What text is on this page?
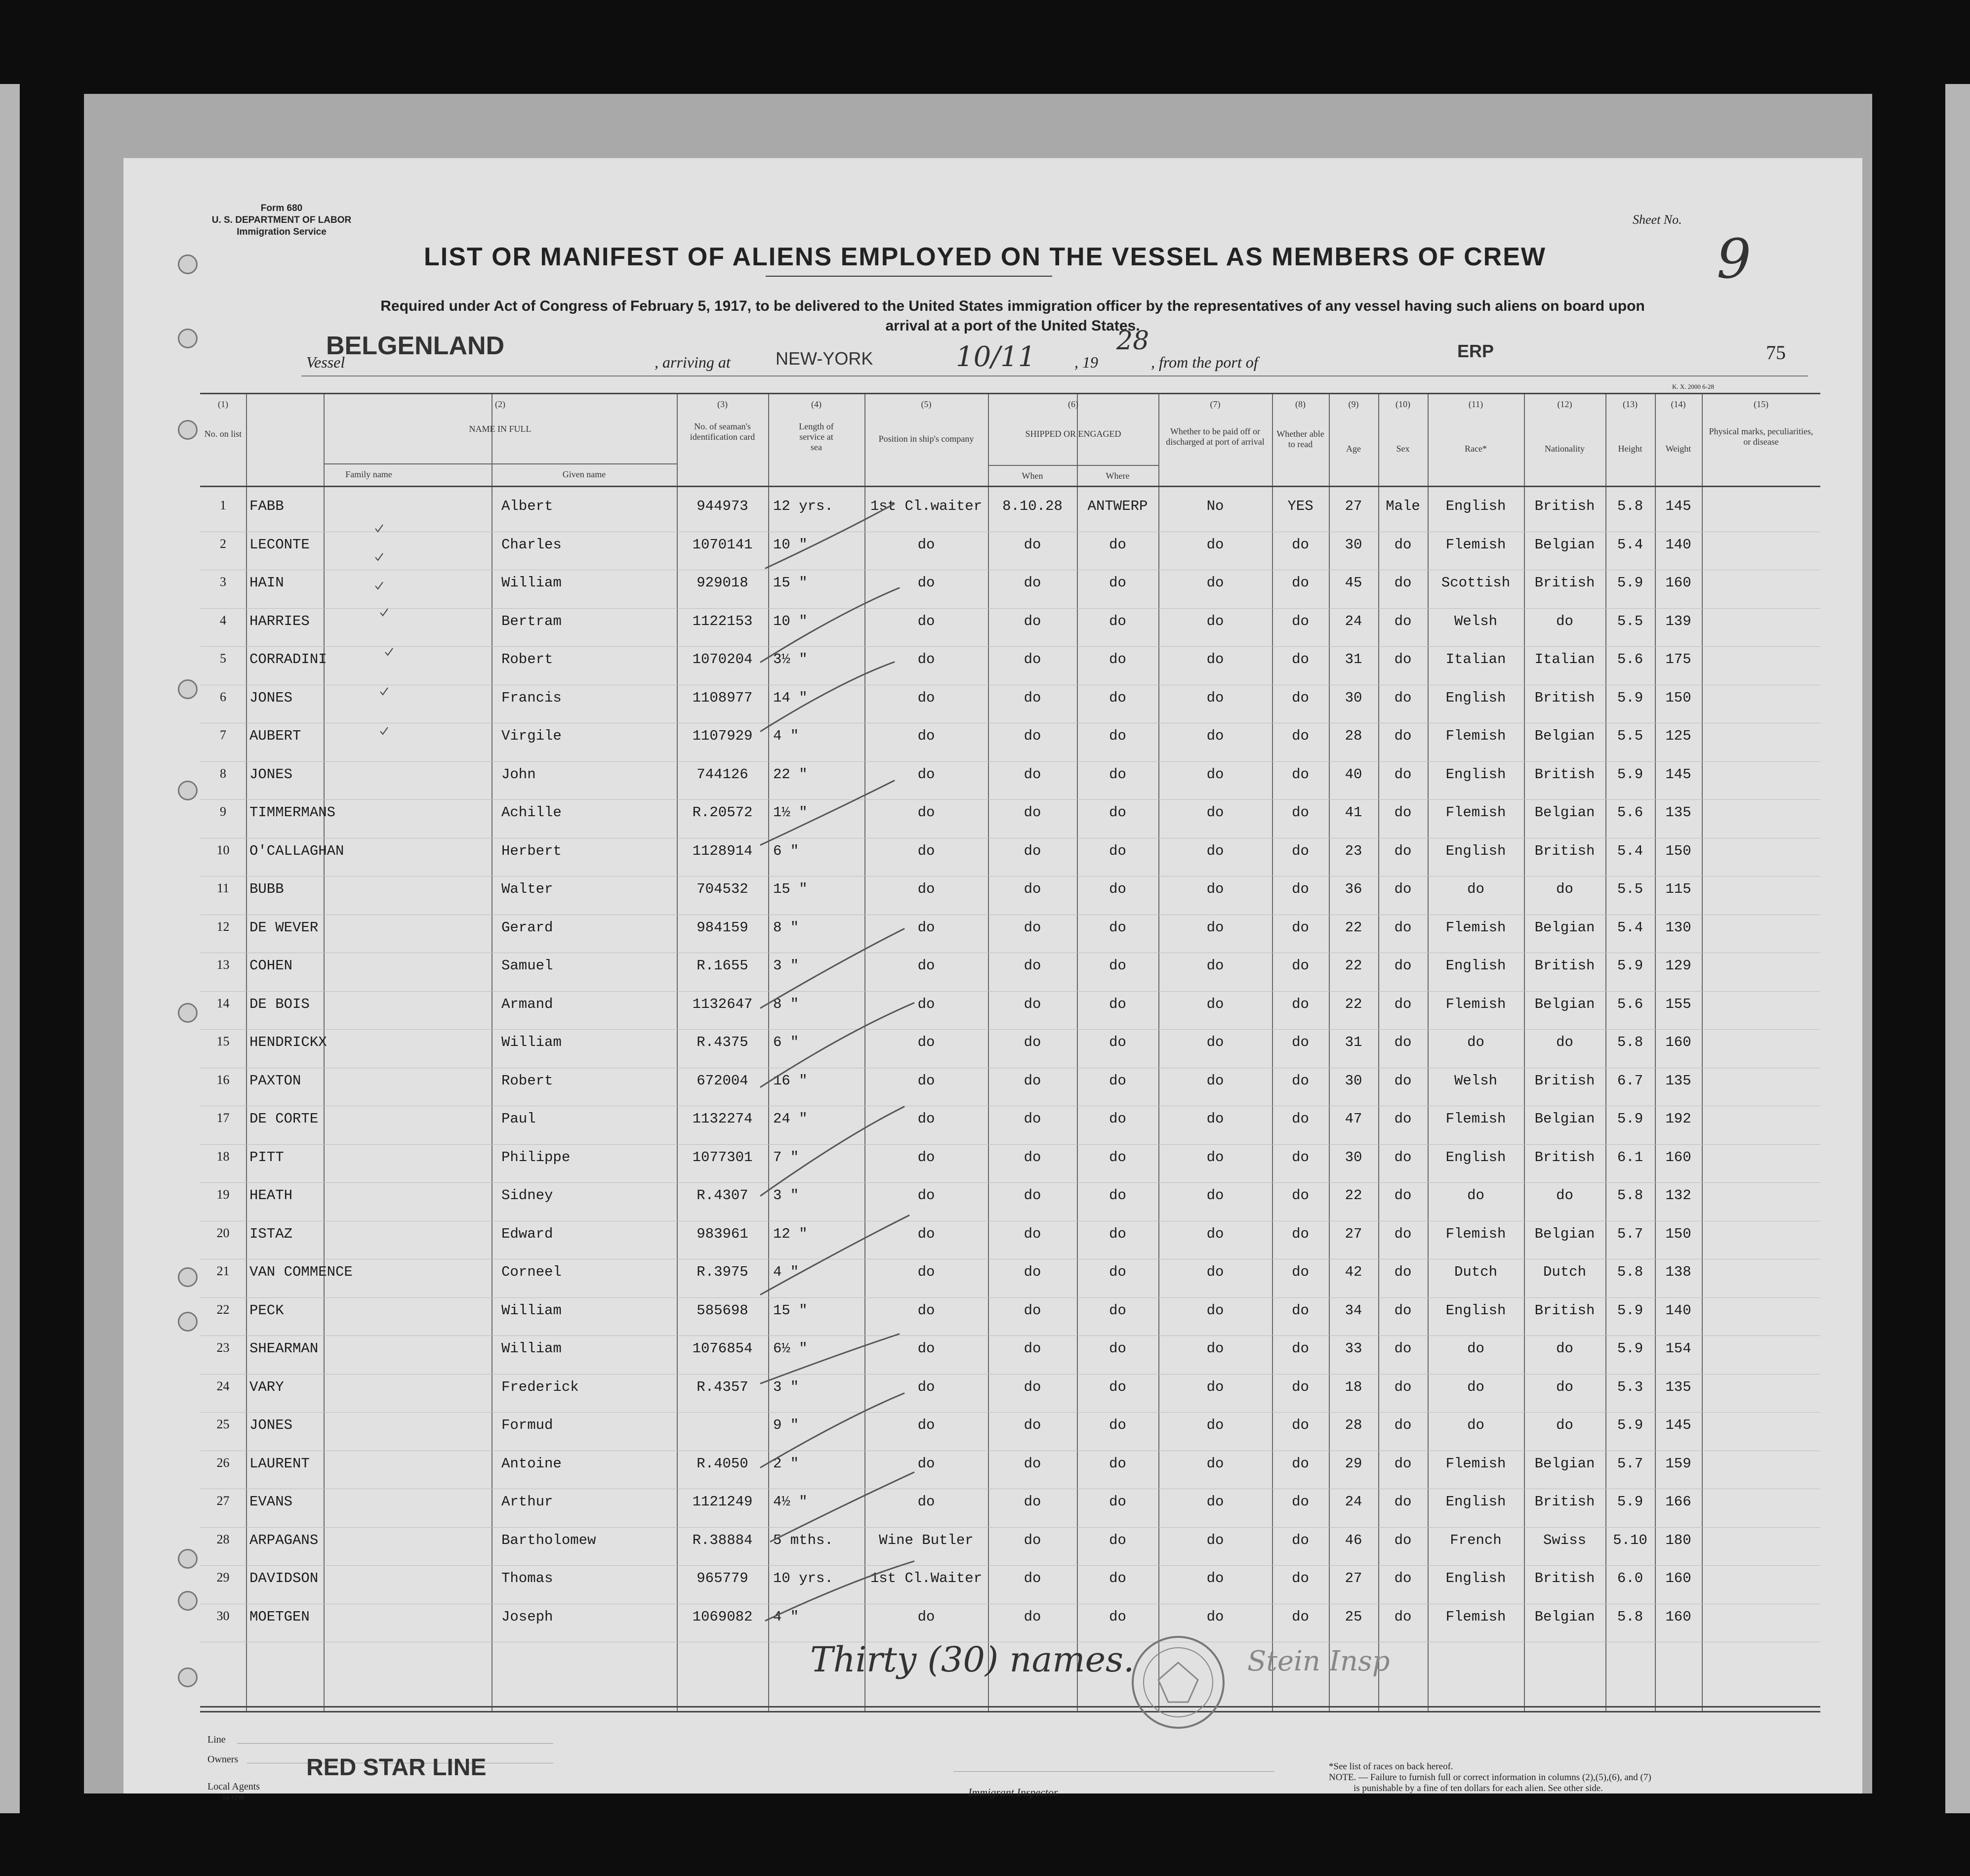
Form 680
U. S. DEPARTMENT OF LABOR
Immigration Service
Sheet No.
9
75
K. X. 2000 6-28
LIST OR MANIFEST OF ALIENS EMPLOYED ON THE VESSEL AS MEMBERS OF CREW
Required under Act of Congress of February 5, 1917, to be delivered to the United States immigration officer by the representatives of any vessel having such aliens on board upon
arrival at a port of the United States.
BELGENLAND
Vessel	, arriving at	NEW-YORK	10/11 , 19
28
, from the port of
ERP
(1)
No. on list
(2)
NAME IN FULL
Family name	Given name
(3)
No. of seaman's identification card
(4)
Length of service at sea
(5)
Position in ship's company
(6)
SHIPPED OR ENGAGED
When	Where
(7)
Whether to be paid off or discharged at port of arrival
(8)
Whether able to read
(9)
Age
(10)
Sex
(11)
Race*
(12)
Nationality
(13)
Height
(14)
Weight
(15)
Physical marks, peculiarities, or disease
1	FABB	Albert	944973	12 yrs.	1st Cl.waiter	8.10.28	ANTWERP	No	YES	27	Male	English	British	5.8	145
2	LECONTE	Charles	1070141	10 "	do	do	do	do	do	30	do	Flemish	Belgian	5.4	140
3	HAIN	William	929018	15 "	do	do	do	do	do	45	do	Scottish	British	5.9	160
4	HARRIES	Bertram	1122153	10 "	do	do	do	do	do	24	do	Welsh	do	5.5	139
5	CORRADINI	Robert	1070204	3½ "	do	do	do	do	do	31	do	Italian	Italian	5.6	175
6	JONES	Francis	1108977	14 "	do	do	do	do	do	30	do	English	British	5.9	150
7	AUBERT	Virgile	1107929	4 "	do	do	do	do	do	28	do	Flemish	Belgian	5.5	125
8	JONES	John	744126	22 "	do	do	do	do	do	40	do	English	British	5.9	145
9	TIMMERMANS	Achille	R.20572	1½ "	do	do	do	do	do	41	do	Flemish	Belgian	5.6	135
10	O'CALLAGHAN	Herbert	1128914	6 "	do	do	do	do	do	23	do	English	British	5.4	150
11	BUBB	Walter	704532	15 "	do	do	do	do	do	36	do	do	do	5.5	115
12	DE WEVER	Gerard	984159	8 "	do	do	do	do	do	22	do	Flemish	Belgian	5.4	130
13	COHEN	Samuel	R.1655	3 "	do	do	do	do	do	22	do	English	British	5.9	129
14	DE BOIS	Armand	1132647	8 "	do	do	do	do	do	22	do	Flemish	Belgian	5.6	155
15	HENDRICKX	William	R.4375	6 "	do	do	do	do	do	31	do	do	do	5.8	160
16	PAXTON	Robert	672004	16 "	do	do	do	do	do	30	do	Welsh	British	6.7	135
17	DE CORTE	Paul	1132274	24 "	do	do	do	do	do	47	do	Flemish	Belgian	5.9	192
18	PITT	Philippe	1077301	7 "	do	do	do	do	do	30	do	English	British	6.1	160
19	HEATH	Sidney	R.4307	3 "	do	do	do	do	do	22	do	do	do	5.8	132
20	ISTAZ	Edward	983961	12 "	do	do	do	do	do	27	do	Flemish	Belgian	5.7	150
21	VAN COMMENCE	Corneel	R.3975	4 "	do	do	do	do	do	42	do	Dutch	Dutch	5.8	138
22	PECK	William	585698	15 "	do	do	do	do	do	34	do	English	British	5.9	140
23	SHEARMAN	William	1076854	6½ "	do	do	do	do	do	33	do	do	do	5.9	154
24	VARY	Frederick	R.4357	3 "	do	do	do	do	do	18	do	do	do	5.3	135
25	JONES	Formud	9 "	do	do	do	do	do	28	do	do	do	5.9	145
26	LAURENT	Antoine	R.4050	2 "	do	do	do	do	do	29	do	Flemish	Belgian	5.7	159
27	EVANS	Arthur	1121249	4½ "	do	do	do	do	do	24	do	English	British	5.9	166
28	ARPAGANS	Bartholomew	R.38884	5 mths.	Wine Butler	do	do	do	do	46	do	French	Swiss	5.10	180
29	DAVIDSON	Thomas	965779	10 yrs.	1st Cl.Waiter	do	do	do	do	27	do	English	British	6.0	160
30	MOETGEN	Joseph	1069082	4 "	do	do	do	do	do	25	do	Flemish	Belgian	5.8	160
Thirty (30) names.	Stein Insp
Line
Owners	RED STAR LINE
Local Agents
14-1290	Immigrant Inspector.
*See list of races on back hereof.
NOTE. — Failure to furnish full or correct information in columns (2),(5),(6), and (7)
is punishable by a fine of ten dollars for each alien. See other side.
